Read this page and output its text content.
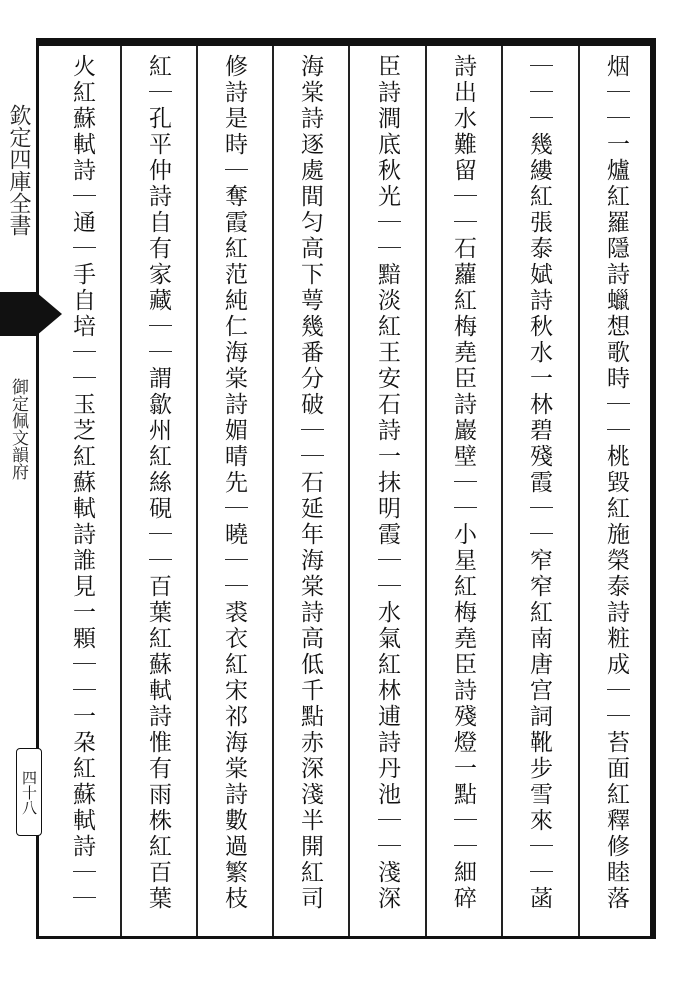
欽定四庫全書
御定佩文韻府
四十八
烟｜｜一爐紅羅隱詩蠟想歌時｜｜桃毀紅施榮泰詩粧成｜｜苔面紅釋修睦落
｜｜｜幾縷紅張泰娬詩秋水一林碧殘霞｜｜窄窄紅南唐宫詞靴步雪來｜｜菡
詩出水難留｜｜石蘿紅梅堯臣詩巖壁｜｜小星紅梅堯臣詩殘燈一點｜｜細碎
臣詩澗底秋光｜｜黯淡紅王安石詩一抹明霞｜｜水氣紅林逋詩丹池｜｜淺深
海棠詩逐處間匀高下萼幾番分破｜｜石延年海棠詩高低千點赤深淺半開紅司
修詩是時｜奪霞紅范純仁海棠詩媚晴先｜曉｜｜裘衣紅宋祁海棠詩數過繁枝
紅｜孔平仲詩自有家藏｜｜謂歙州紅絲硯｜｜百葉紅蘇軾詩惟有雨株紅百葉
火紅蘇軾詩｜通｜手自培｜｜玉芝紅蘇軾詩誰見一顆｜｜一朶紅蘇軾詩｜｜
